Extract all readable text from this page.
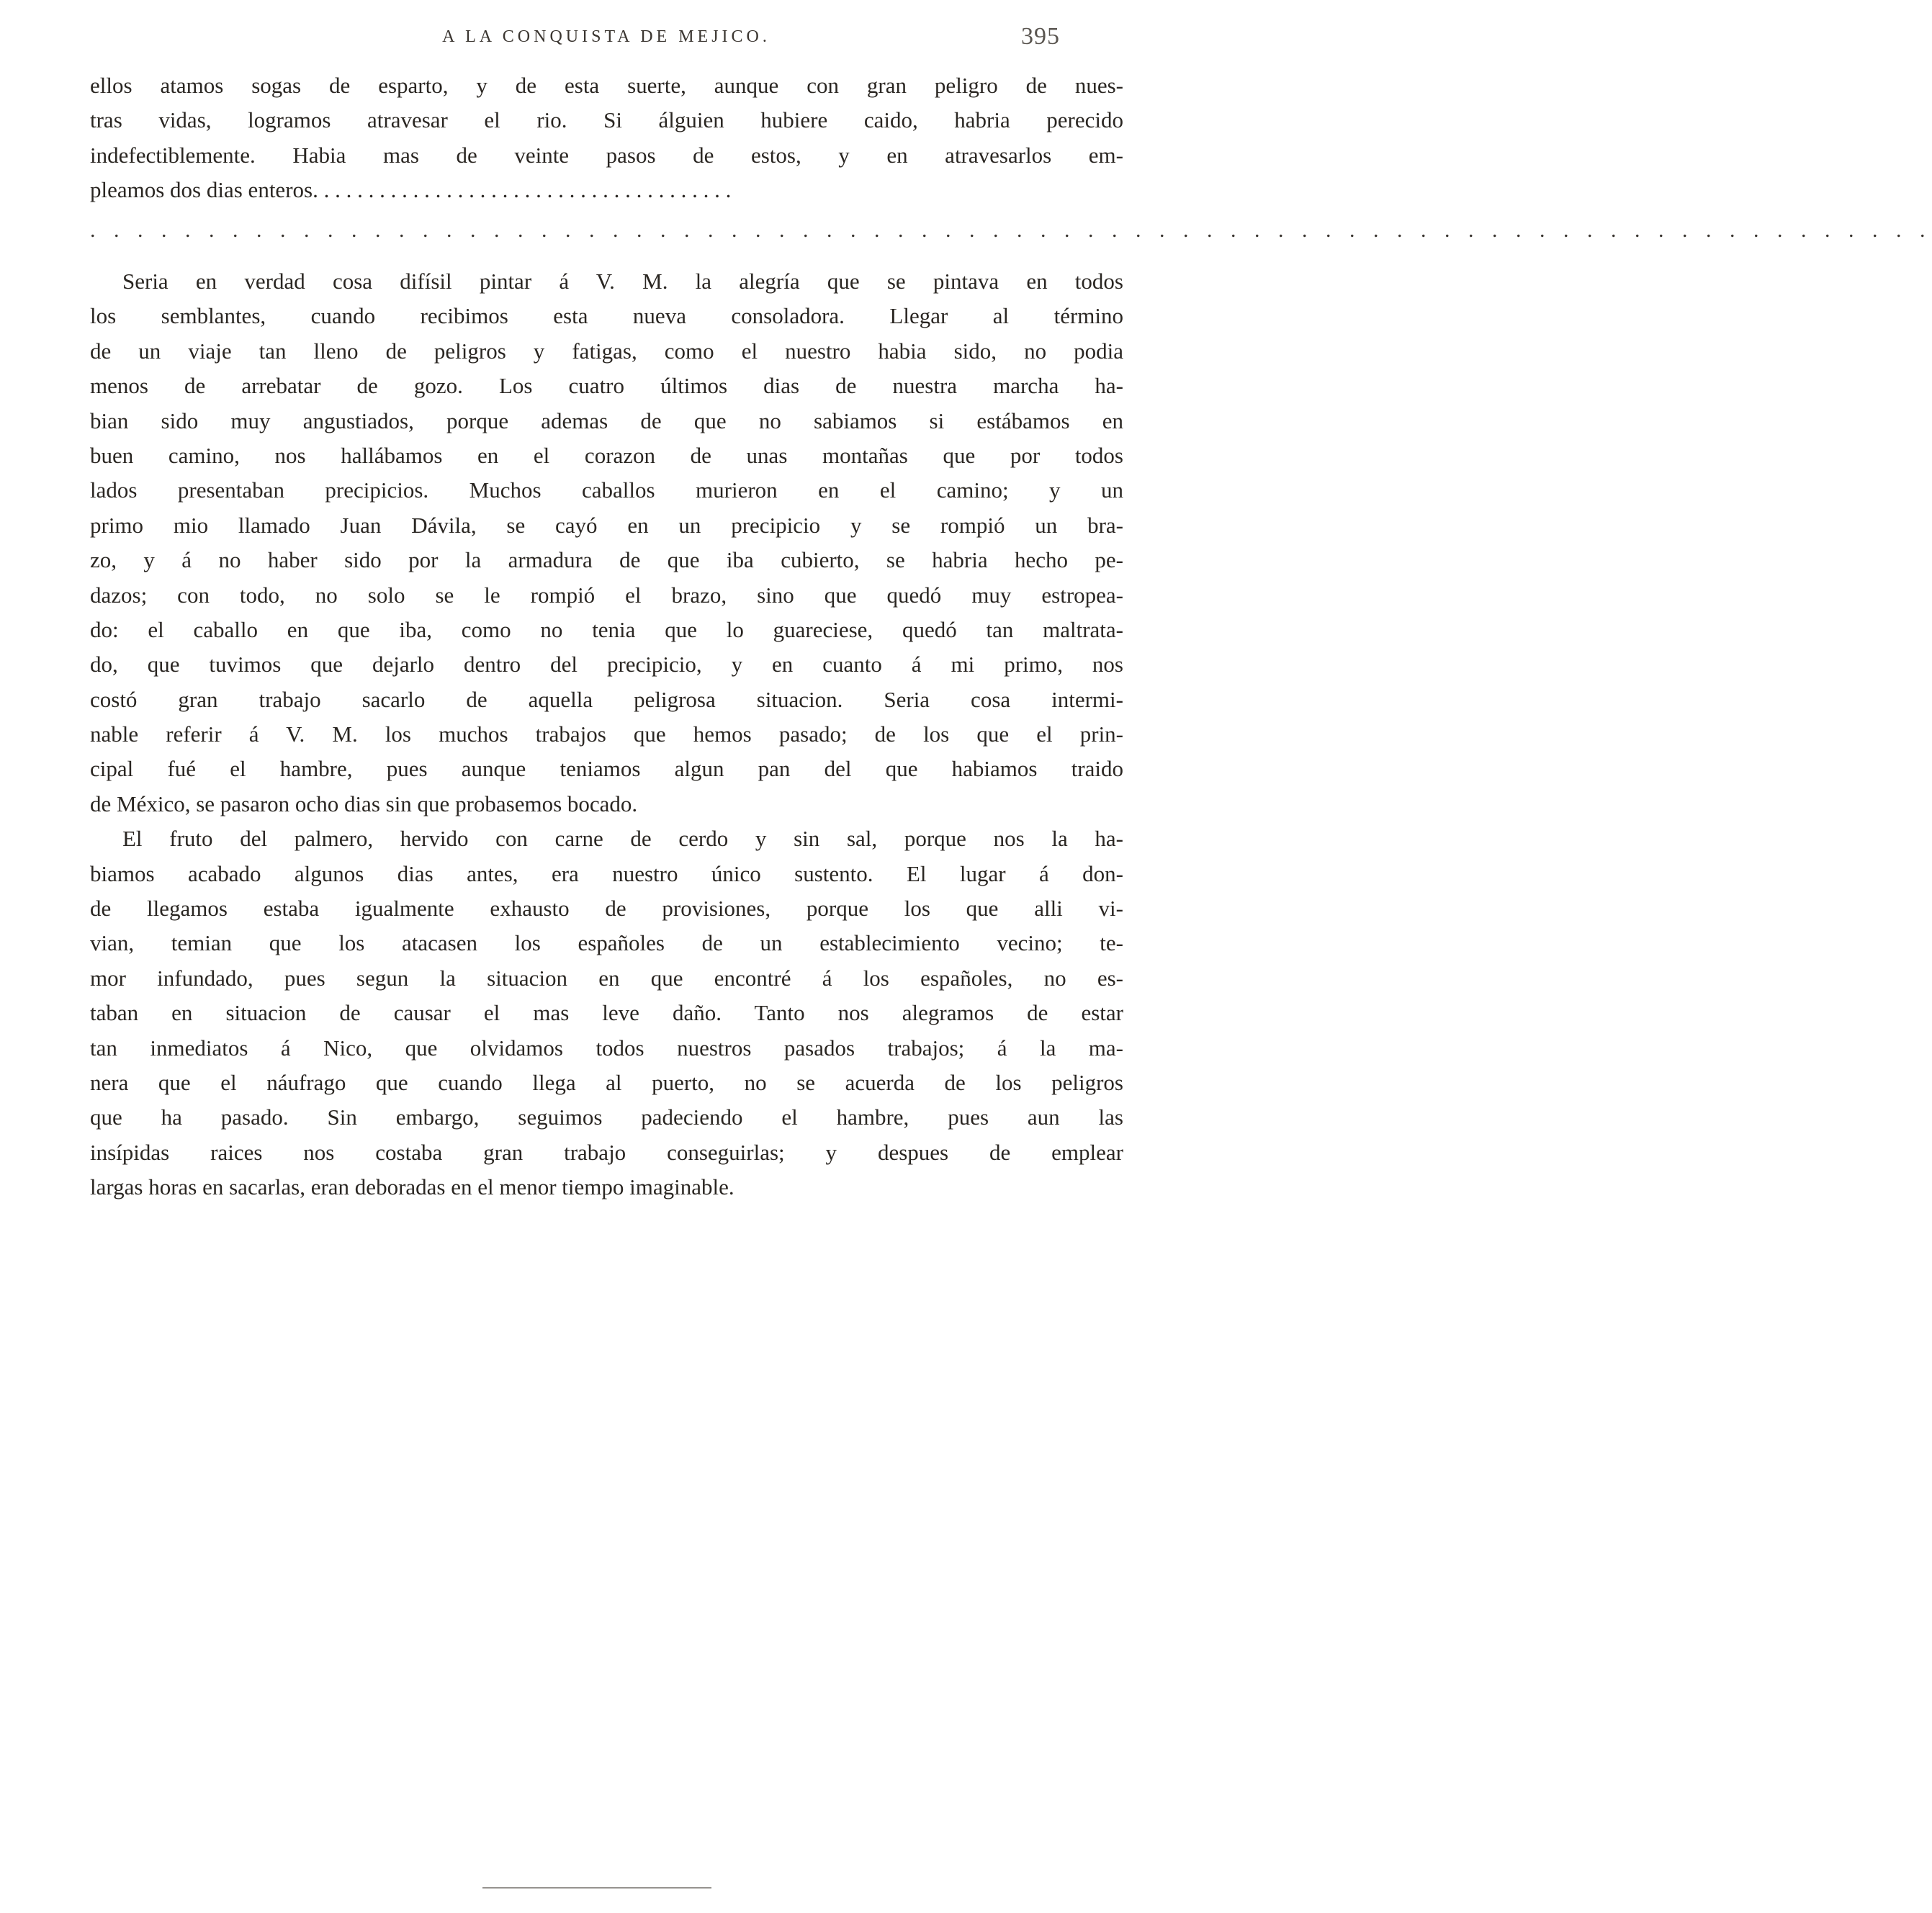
A LA CONQUISTA DE MEJICO.	395
ellos atamos sogas de esparto, y de esta suerte, aunque con gran peligro de nues-
tras vidas, logramos atravesar el rio. Si álguien hubiere caido, habria perecido
indefectiblemente. Habia mas de veinte pasos de estos, y en atravesarlos em-
pleamos dos dias enteros. . . . . . . . . . . . . . . . . . . . . . . . . . . . . . . . . . . . . .
. . . . . . . . . . . . . . . . . . . . . . . . . . . . . . . . . . . . . . . . . . . . . . . . . . . . . . . . . . . . . . . . . . . . . . . . . . . . . .
Seria en verdad cosa difísil pintar á V. M. la alegría que se pintava en todos
los semblantes, cuando recibimos esta nueva consoladora. Llegar al término
de un viaje tan lleno de peligros y fatigas, como el nuestro habia sido, no podia
menos de arrebatar de gozo. Los cuatro últimos dias de nuestra marcha ha-
bian sido muy angustiados, porque ademas de que no sabiamos si estábamos en
buen camino, nos hallábamos en el corazon de unas montañas que por todos
lados presentaban precipicios. Muchos caballos murieron en el camino; y un
primo mio llamado Juan Dávila, se cayó en un precipicio y se rompió un bra-
zo, y á no haber sido por la armadura de que iba cubierto, se habria hecho pe-
dazos; con todo, no solo se le rompió el brazo, sino que quedó muy estropea-
do: el caballo en que iba, como no tenia que lo guareciese, quedó tan maltrata-
do, que tuvimos que dejarlo dentro del precipicio, y en cuanto á mi primo, nos
costó gran trabajo sacarlo de aquella peligrosa situacion. Seria cosa intermi-
nable referir á V. M. los muchos trabajos que hemos pasado; de los que el prin-
cipal fué el hambre, pues aunque teniamos algun pan del que habiamos traido
de México, se pasaron ocho dias sin que probasemos bocado.
El fruto del palmero, hervido con carne de cerdo y sin sal, porque nos la ha-
biamos acabado algunos dias antes, era nuestro único sustento. El lugar á don-
de llegamos estaba igualmente exhausto de provisiones, porque los que alli vi-
vian, temian que los atacasen los españoles de un establecimiento vecino; te-
mor infundado, pues segun la situacion en que encontré á los españoles, no es-
taban en situacion de causar el mas leve daño. Tanto nos alegramos de estar
tan inmediatos á Nico, que olvidamos todos nuestros pasados trabajos; á la ma-
nera que el náufrago que cuando llega al puerto, no se acuerda de los peligros
que ha pasado. Sin embargo, seguimos padeciendo el hambre, pues aun las
insípidas raices nos costaba gran trabajo conseguirlas; y despues de emplear
largas horas en sacarlas, eran deboradas en el menor tiempo imaginable.
